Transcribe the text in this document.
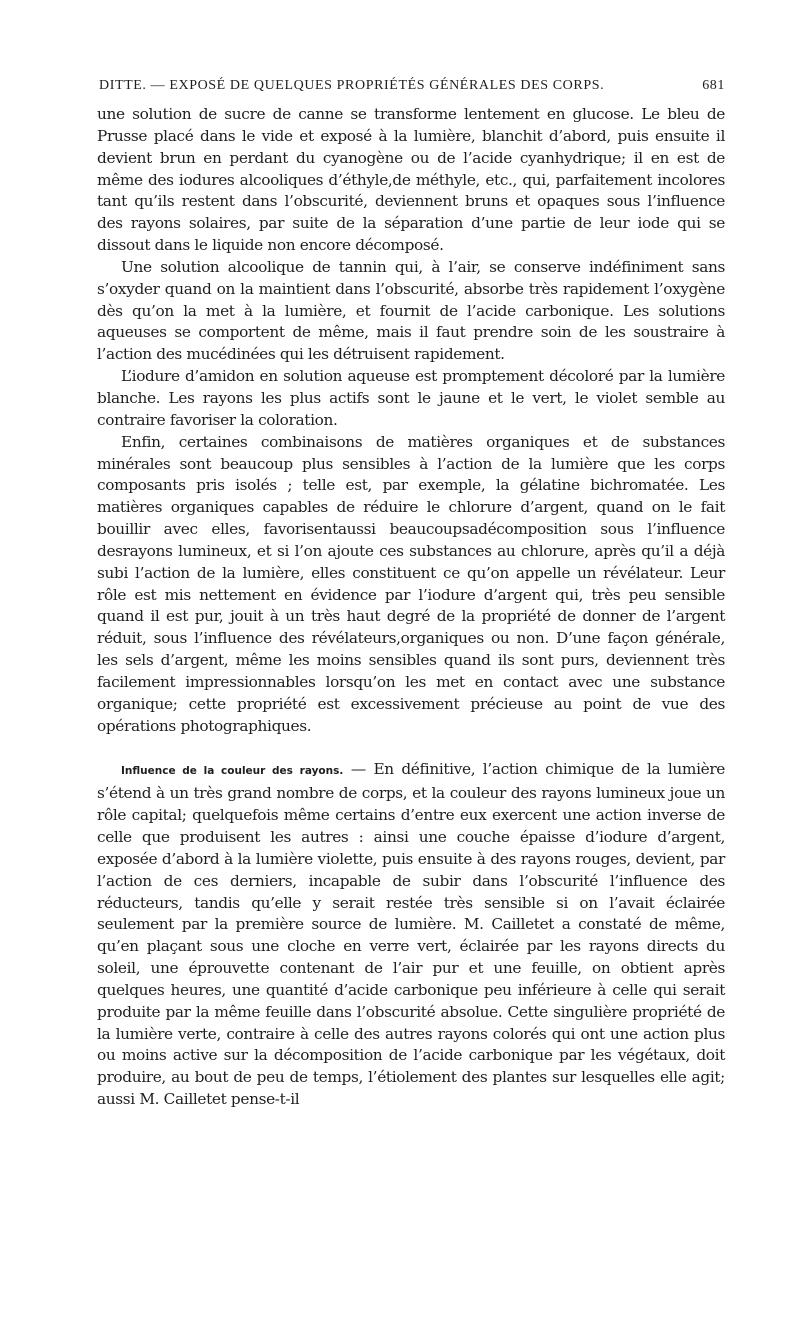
DITTE. — EXPOSÉ DE QUELQUES PROPRIÉTÉS GÉNÉRALES DES CORPS.	681

une solution de sucre de canne se transforme lentement en glucose. Le bleu de Prusse placé dans le vide et exposé à la lumière, blanchit d’abord, puis ensuite il devient brun en perdant du cyanogène ou de l’acide cyanhydrique; il en est de même des iodures alcooliques d’éthyle,de méthyle, etc., qui, parfaitement incolores tant qu’ils restent dans l’obscurité, deviennent bruns et opaques sous l’influence des rayons solaires, par suite de la séparation d’une partie de leur iode qui se dissout dans le liquide non encore décomposé.

Une solution alcoolique de tannin qui, à l’air, se conserve indéfiniment sans s’oxyder quand on la maintient dans l’obscurité, absorbe très rapidement l’oxygène dès qu’on la met à la lumière, et fournit de l’acide carbonique. Les solutions aqueuses se comportent de même, mais il faut prendre soin de les soustraire à l’action des mucédinées qui les détruisent rapidement.

L’iodure d’amidon en solution aqueuse est promptement décoloré par la lumière blanche. Les rayons les plus actifs sont le jaune et le vert, le violet semble au contraire favoriser la coloration.

Enfin, certaines combinaisons de matières organiques et de substances minérales sont beaucoup plus sensibles à l’action de la lumière que les corps composants pris isolés ; telle est, par exemple, la gélatine bichromatée. Les matières organiques capables de réduire le chlorure d’argent, quand on le fait bouillir avec elles, favorisentaussi beaucoupsadécomposition sous l’influence desrayons lumineux, et si l’on ajoute ces substances au chlorure, après qu’il a déjà subi l’action de la lumière, elles constituent ce qu’on appelle un révélateur. Leur rôle est mis nettement en évidence par l’iodure d’argent qui, très peu sensible quand il est pur, jouit à un très haut degré de la propriété de donner de l’argent réduit, sous l’influence des révélateurs,organiques ou non. D’une façon générale, les sels d’argent, même les moins sensibles quand ils sont purs, deviennent très facilement impressionnables lorsqu’on les met en contact avec une substance organique; cette propriété est excessivement précieuse au point de vue des opérations photographiques.

Influence de la couleur des rayons. — En définitive, l’action chimique de la lumière s’étend à un très grand nombre de corps, et la couleur des rayons lumineux joue un rôle capital; quelquefois même certains d’entre eux exercent une action inverse de celle que produisent les autres : ainsi une couche épaisse d’iodure d’argent, exposée d’abord à la lumière violette, puis ensuite à des rayons rouges, devient, par l’action de ces derniers, incapable de subir dans l’obscurité l’influence des réducteurs, tandis qu’elle y serait restée très sensible si on l’avait éclairée seulement par la première source de lumière. M. Cailletet a constaté de même, qu’en plaçant sous une cloche en verre vert, éclairée par les rayons directs du soleil, une éprouvette contenant de l’air pur et une feuille, on obtient après quelques heures, une quantité d’acide carbonique peu inférieure à celle qui serait produite par la même feuille dans l’obscurité absolue. Cette singulière propriété de la lumière verte, contraire à celle des autres rayons colorés qui ont une action plus ou moins active sur la décomposition de l’acide carbonique par les végétaux, doit produire, au bout de peu de temps, l’étiolement des plantes sur lesquelles elle agit; aussi M. Cailletet pense-t-il
